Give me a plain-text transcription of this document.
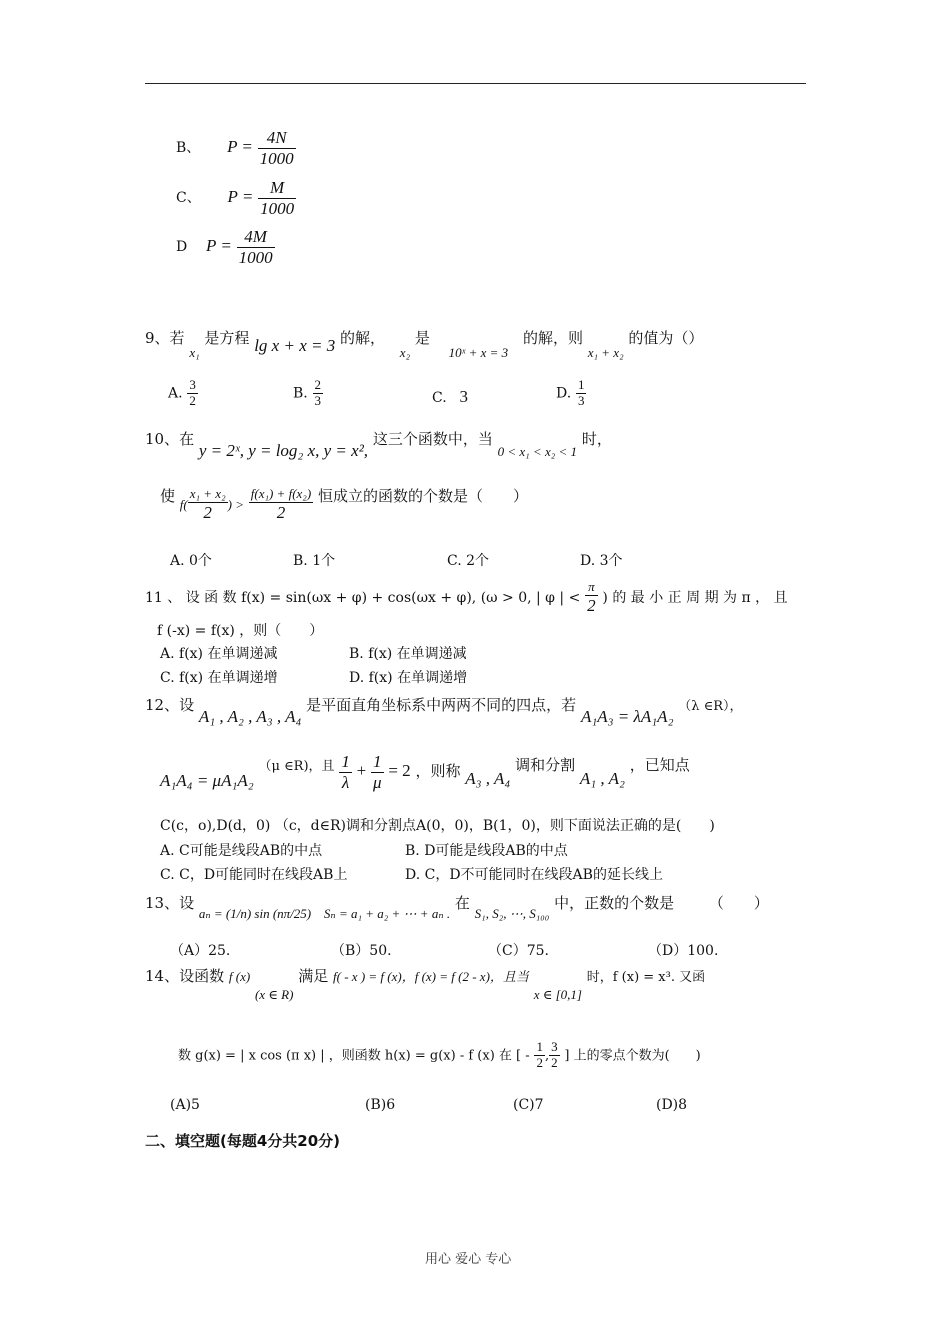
B、 $P = \frac{4N}{1000}$
C、 $P = \frac{M}{1000}$
D $P = \frac{4M}{1000}$
9、若 x₁ 是方程 lg x + x = 3 的解， x₂ 是 10ˣ + x = 3 的解，则 x₁ + x₂ 的值为（）
A. $\frac{3}{2}$	B. $\frac{2}{3}$	C. 3	D. $\frac{1}{3}$
10、在 y = 2ˣ, y = log₂ x, y = x², 这三个函数中，当 0 < x₁ < x₂ < 1 时，
使 $f( \frac{\text{x₁ + x₂}}{2}$ ) > $\frac{\text{f(x₁) + f(x₂)}}{2}$ 恒成立的函数的个数是（　　）
A. 0个	B. 1个	C. 2个	D. 3个
11 、 设 函 数 f(x) = sin(ωx + φ) + cos(ωx + φ), (ω > 0, | φ | < $\frac{\pi}{2}$ ) 的 最 小 正 周 期 为 π ， 且
f (-x) = f(x) ，则（　　）
A. f(x) 在单调递减	B. f(x) 在单调递减
C. f(x) 在单调递增	D. f(x) 在单调递增
12、设 A₁ , A₂ , A₃ , A₄ 是平面直角坐标系中两两不同的四点，若 A₁A₃ = λA₁A₂ （λ ∈R），
A₁A₄ = μA₁A₂ （μ ∈R)，且 $\frac{1}{\lambda} + \frac{1}{\mu} = 2$ ，则称 A₃ , A₄ 调和分割 A₁ , A₂ ，已知点
C(c，o),D(d，0) （c，d∈R)调和分割点A(0，0)，B(1，0)，则下面说法正确的是(　　)
A. C可能是线段AB的中点	B. D可能是线段AB的中点
C. C，D可能同时在线段AB上	D. C，D不可能同时在线段AB的延长线上
13、设 aₙ = (1/n) sin (nπ/25) Sₙ = a₁ + a₂ + ⋯ + aₙ . 在 S₁, S₂, ⋯, S₁₀₀ 中，正数的个数是 （　　）
（A）25.	（B）50.	（C）75.	（D）100.
14、设函数 f (x) (x ∈ R) 满足 f( - x ) = f (x)，f (x) = f (2 - x)，且当 x ∈ [0,1] 时，f (x) = x³. 又函
数 g(x) = | x cos (π x) | ，则函数 h(x) = g(x) - f (x) 在 [ - $\frac{1}{2}$ , $\frac{3}{2}$ ] 上的零点个数为(　　)
(A)5	(B)6	(C)7	(D)8
二、填空题(每题4分共20分)
用心 爱心 专心
